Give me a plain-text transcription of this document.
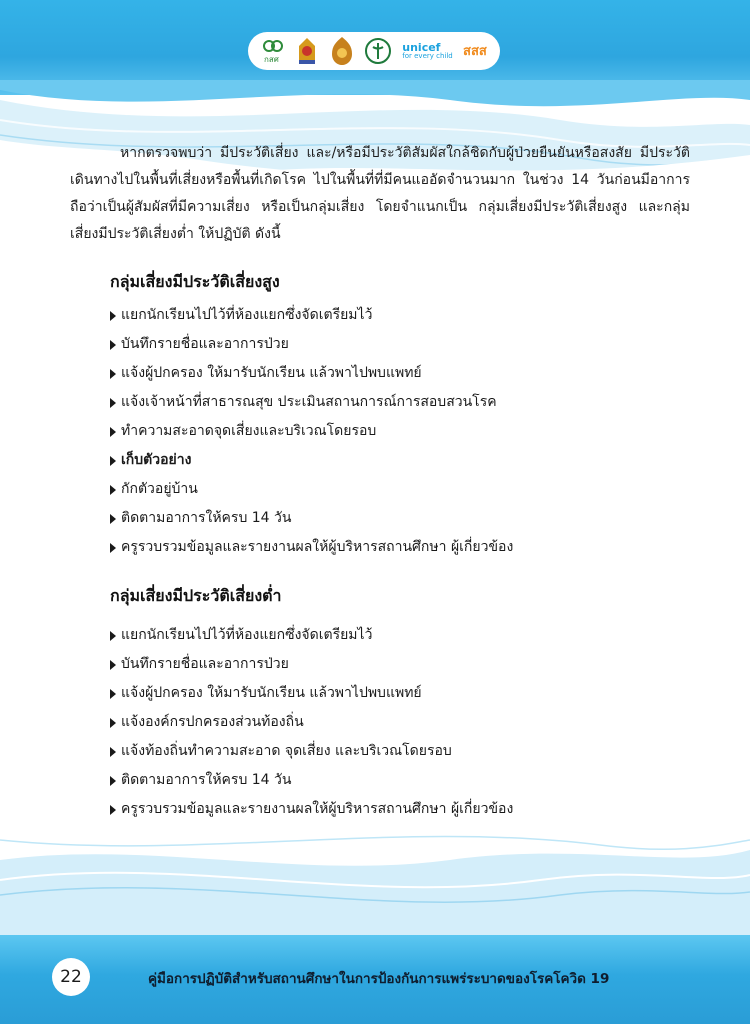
กสศ
unicef
for every child สสส

หากตรวจพบว่า มีประวัติเสี่ยง และ/หรือมีประวัติสัมผัสใกล้ชิดกับผู้ป่วยยืนยันหรือสงสัย มีประวัติเดินทางไปในพื้นที่เสี่ยงหรือพื้นที่เกิดโรค ไปในพื้นที่ที่มีคนแออัดจำนวนมาก ในช่วง 14 วันก่อนมีอาการ ถือว่าเป็นผู้สัมผัสที่มีความเสี่ยง หรือเป็นกลุ่มเสี่ยง โดยจำแนกเป็น กลุ่มเสี่ยงมีประวัติเสี่ยงสูง และกลุ่มเสี่ยงมีประวัติเสี่ยงต่ำ ให้ปฏิบัติ ดังนี้

กลุ่มเสี่ยงมีประวัติเสี่ยงสูง
แยกนักเรียนไปไว้ที่ห้องแยกซึ่งจัดเตรียมไว้
บันทึกรายชื่อและอาการป่วย
แจ้งผู้ปกครอง ให้มารับนักเรียน แล้วพาไปพบแพทย์
แจ้งเจ้าหน้าที่สาธารณสุข ประเมินสถานการณ์การสอบสวนโรค
ทำความสะอาดจุดเสี่ยงและบริเวณโดยรอบ
เก็บตัวอย่าง
กักตัวอยู่บ้าน
ติดตามอาการให้ครบ 14 วัน
ครูรวบรวมข้อมูลและรายงานผลให้ผู้บริหารสถานศึกษา ผู้เกี่ยวข้อง
กลุ่มเสี่ยงมีประวัติเสี่ยงต่ำ
แยกนักเรียนไปไว้ที่ห้องแยกซึ่งจัดเตรียมไว้
บันทึกรายชื่อและอาการป่วย
แจ้งผู้ปกครอง ให้มารับนักเรียน แล้วพาไปพบแพทย์
แจ้งองค์กรปกครองส่วนท้องถิ่น
แจ้งท้องถิ่นทำความสะอาด จุดเสี่ยง และบริเวณโดยรอบ
ติดตามอาการให้ครบ 14 วัน
ครูรวบรวมข้อมูลและรายงานผลให้ผู้บริหารสถานศึกษา ผู้เกี่ยวข้อง
22	คู่มือการปฏิบัติสำหรับสถานศึกษาในการป้องกันการแพร่ระบาดของโรคโควิด 19
